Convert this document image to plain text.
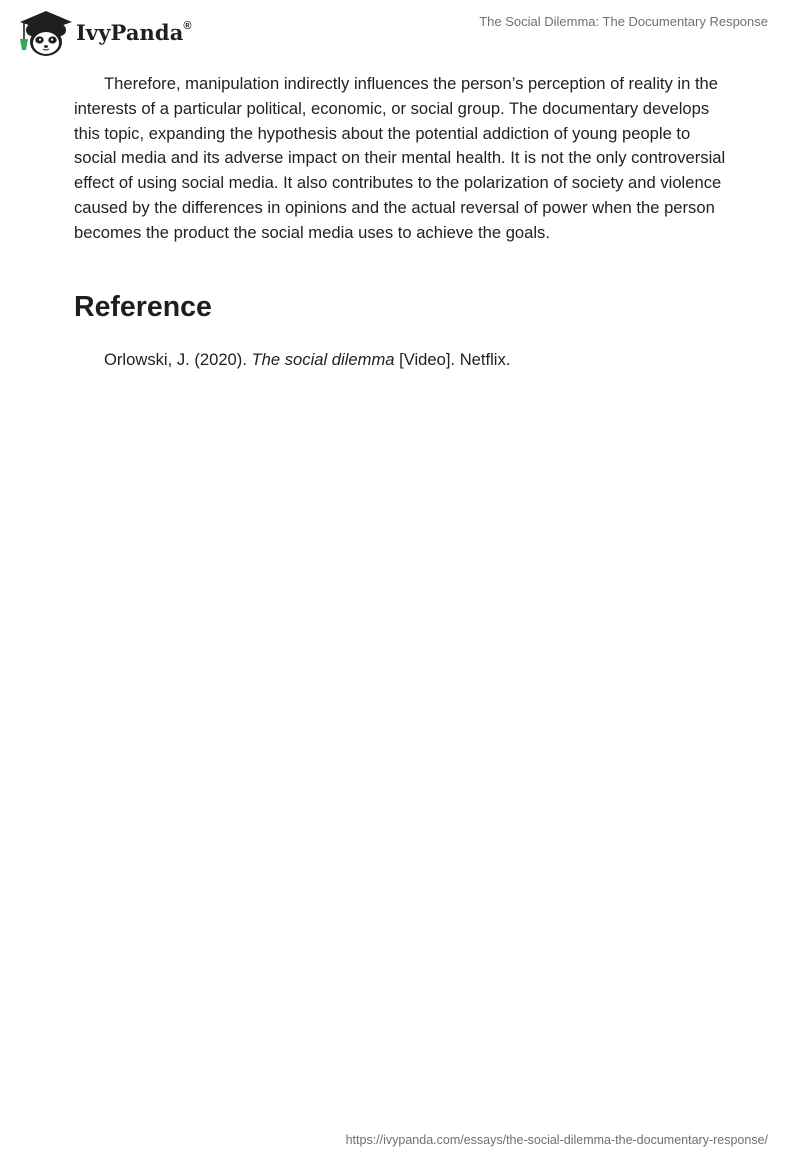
IvyPanda®	The Social Dilemma: The Documentary Response

Therefore, manipulation indirectly influences the person’s perception of reality in the interests of a particular political, economic, or social group. The documentary develops this topic, expanding the hypothesis about the potential addiction of young people to social media and its adverse impact on their mental health. It is not the only controversial effect of using social media. It also contributes to the polarization of society and violence caused by the differences in opinions and the actual reversal of power when the person becomes the product the social media uses to achieve the goals.

Reference

Orlowski, J. (2020). The social dilemma [Video]. Netflix.

https://ivypanda.com/essays/the-social-dilemma-the-documentary-response/
